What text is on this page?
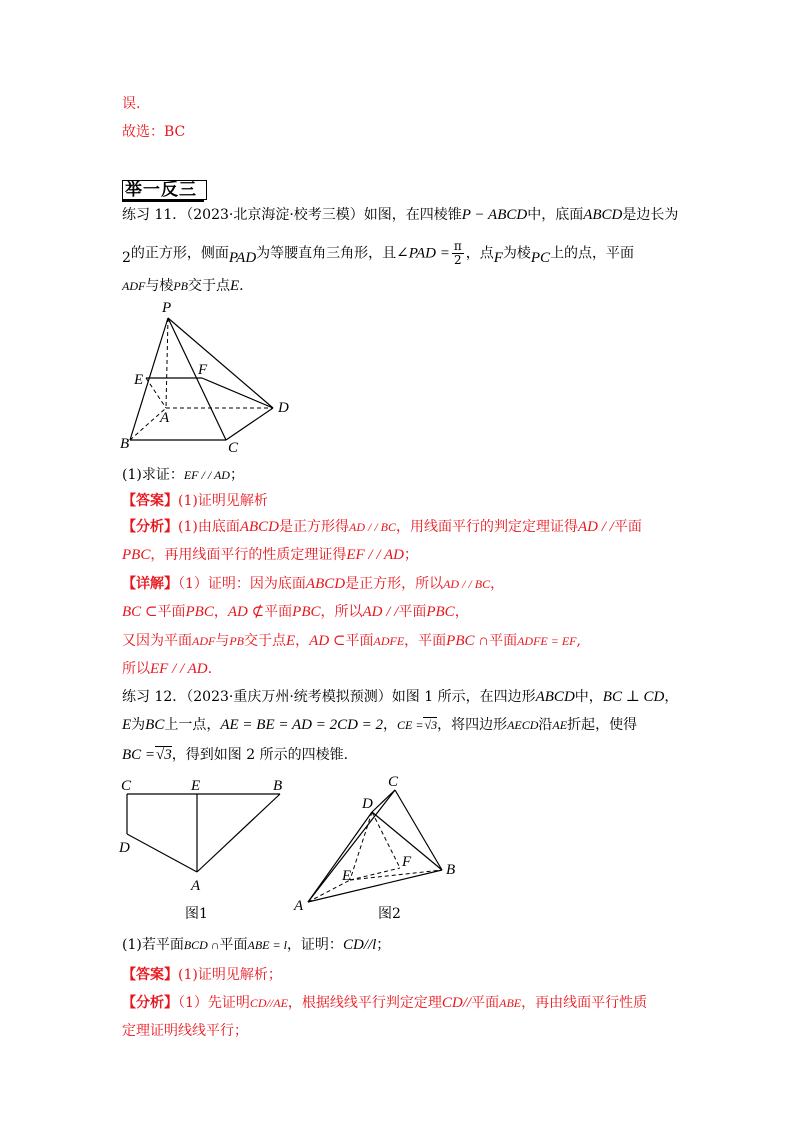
误.
故选：BC
举一反三
练习 11．（2023·北京海淀·校考三模）如图，在四棱锥P − ABCD中，底面ABCD是边长为
2的正方形，侧面PAD为等腰直角三角形，且∠PAD = $\frac{\pi}{2}$ ，点F为棱PC上的点，平面
ADF与棱PB交于点E.
P
E
F
A
D
B	C
(1)求证：EF / / AD；
【答案】(1)证明见解析
【分析】(1)由底面ABCD是正方形得AD / / BC，用线面平行的判定定理证得AD / /平面
PBC，再用线面平行的性质定理证得EF / / AD；
【详解】（1）证明：因为底面ABCD是正方形，所以AD / / BC，
BC ⊂平面PBC，AD ⊄平面PBC，所以AD / /平面PBC，
又因为平面ADF与PB交于点E，AD ⊂平面ADFE，平面PBC ∩平面ADFE = EF,
所以EF / / AD.
练习 12．（2023·重庆万州·统考模拟预测）如图 1 所示，在四边形ABCD中，BC ⊥ CD，
E为BC上一点，AE = BE = AD = 2CD = 2，CE =√3，将四边形AECD沿AE折起，使得
BC =√3，得到如图 2 所示的四棱锥.
C	E	B
D
A
图1
C
D
E
F B
A	图2
(1)若平面BCD ∩平面ABE = l，证明：CD//l；
【答案】(1)证明见解析；
【分析】（1）先证明CD//AE，根据线线平行判定定理CD//平面ABE，再由线面平行性质
定理证明线线平行；
